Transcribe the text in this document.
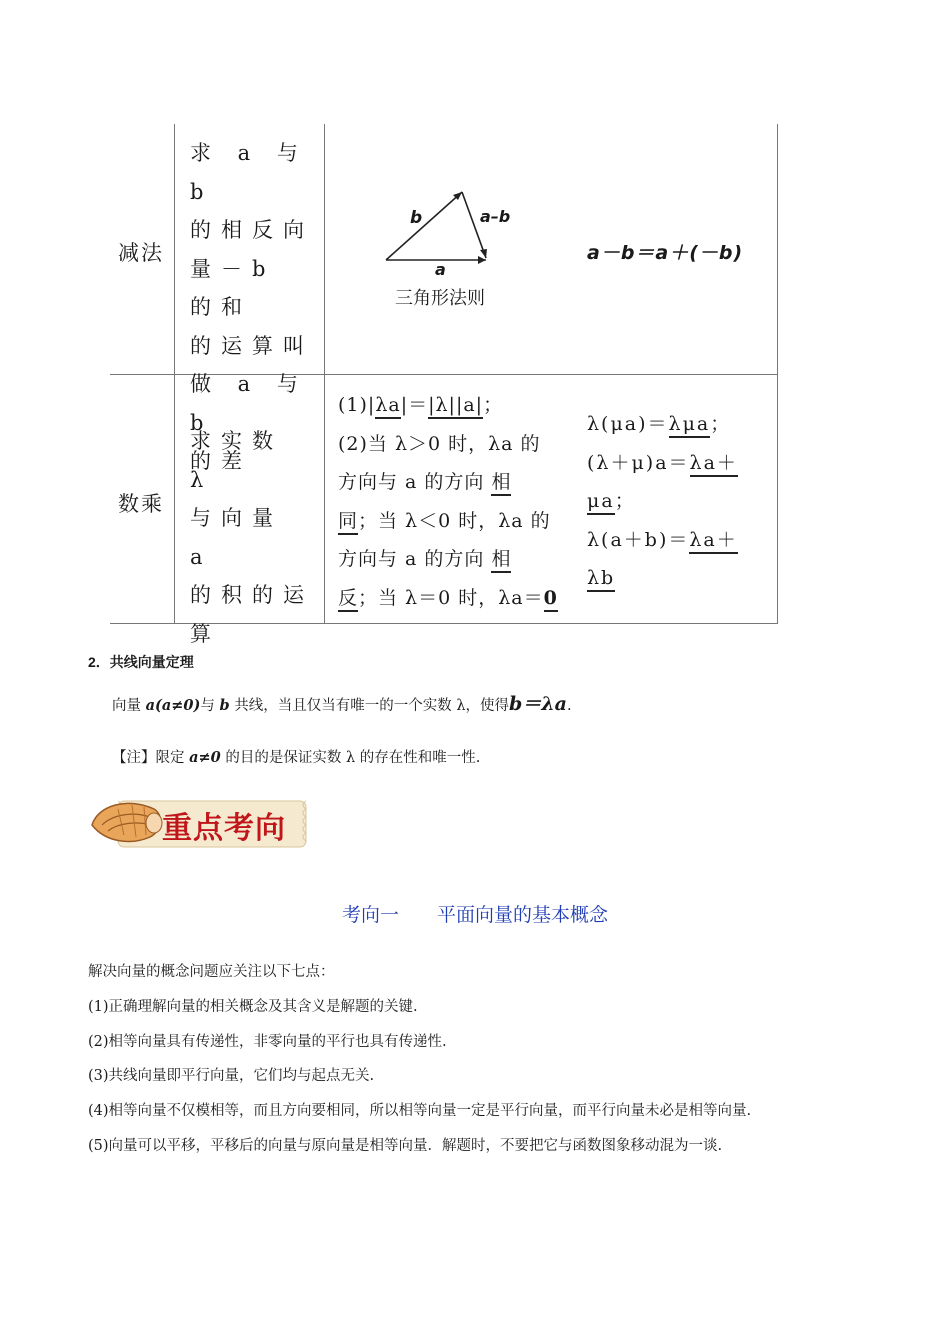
减法
求 a 与 b
的相反向
量－b 的和
的运算叫
做 a 与 b
的差
b	a–b
a
三角形法则
a－b＝a＋(－b)
数乘
求实数 λ
与向量 a
的积的运
算
(1)|λa|＝|λ||a|；
(2)当 λ＞0 时，λa 的
方向与 a 的方向 相
同；当 λ＜0 时，λa 的
方向与 a 的方向 相
反；当 λ＝0 时，λa＝0
λ(μa)＝λμa；
(λ＋μ)a＝λa＋
μa；
λ(a＋b)＝λa＋
λb
2．共线向量定理
向量 a(a≠0)与 b 共线，当且仅当有唯一的一个实数 λ，使得b＝λa.
【注】限定 a≠0 的目的是保证实数 λ 的存在性和唯一性.
重点考向
考向一　　平面向量的基本概念
解决向量的概念问题应关注以下七点：
(1)正确理解向量的相关概念及其含义是解题的关键.
(2)相等向量具有传递性，非零向量的平行也具有传递性.
(3)共线向量即平行向量，它们均与起点无关.
(4)相等向量不仅模相等，而且方向要相同，所以相等向量一定是平行向量，而平行向量未必是相等向量.
(5)向量可以平移，平移后的向量与原向量是相等向量．解题时，不要把它与函数图象移动混为一谈.
